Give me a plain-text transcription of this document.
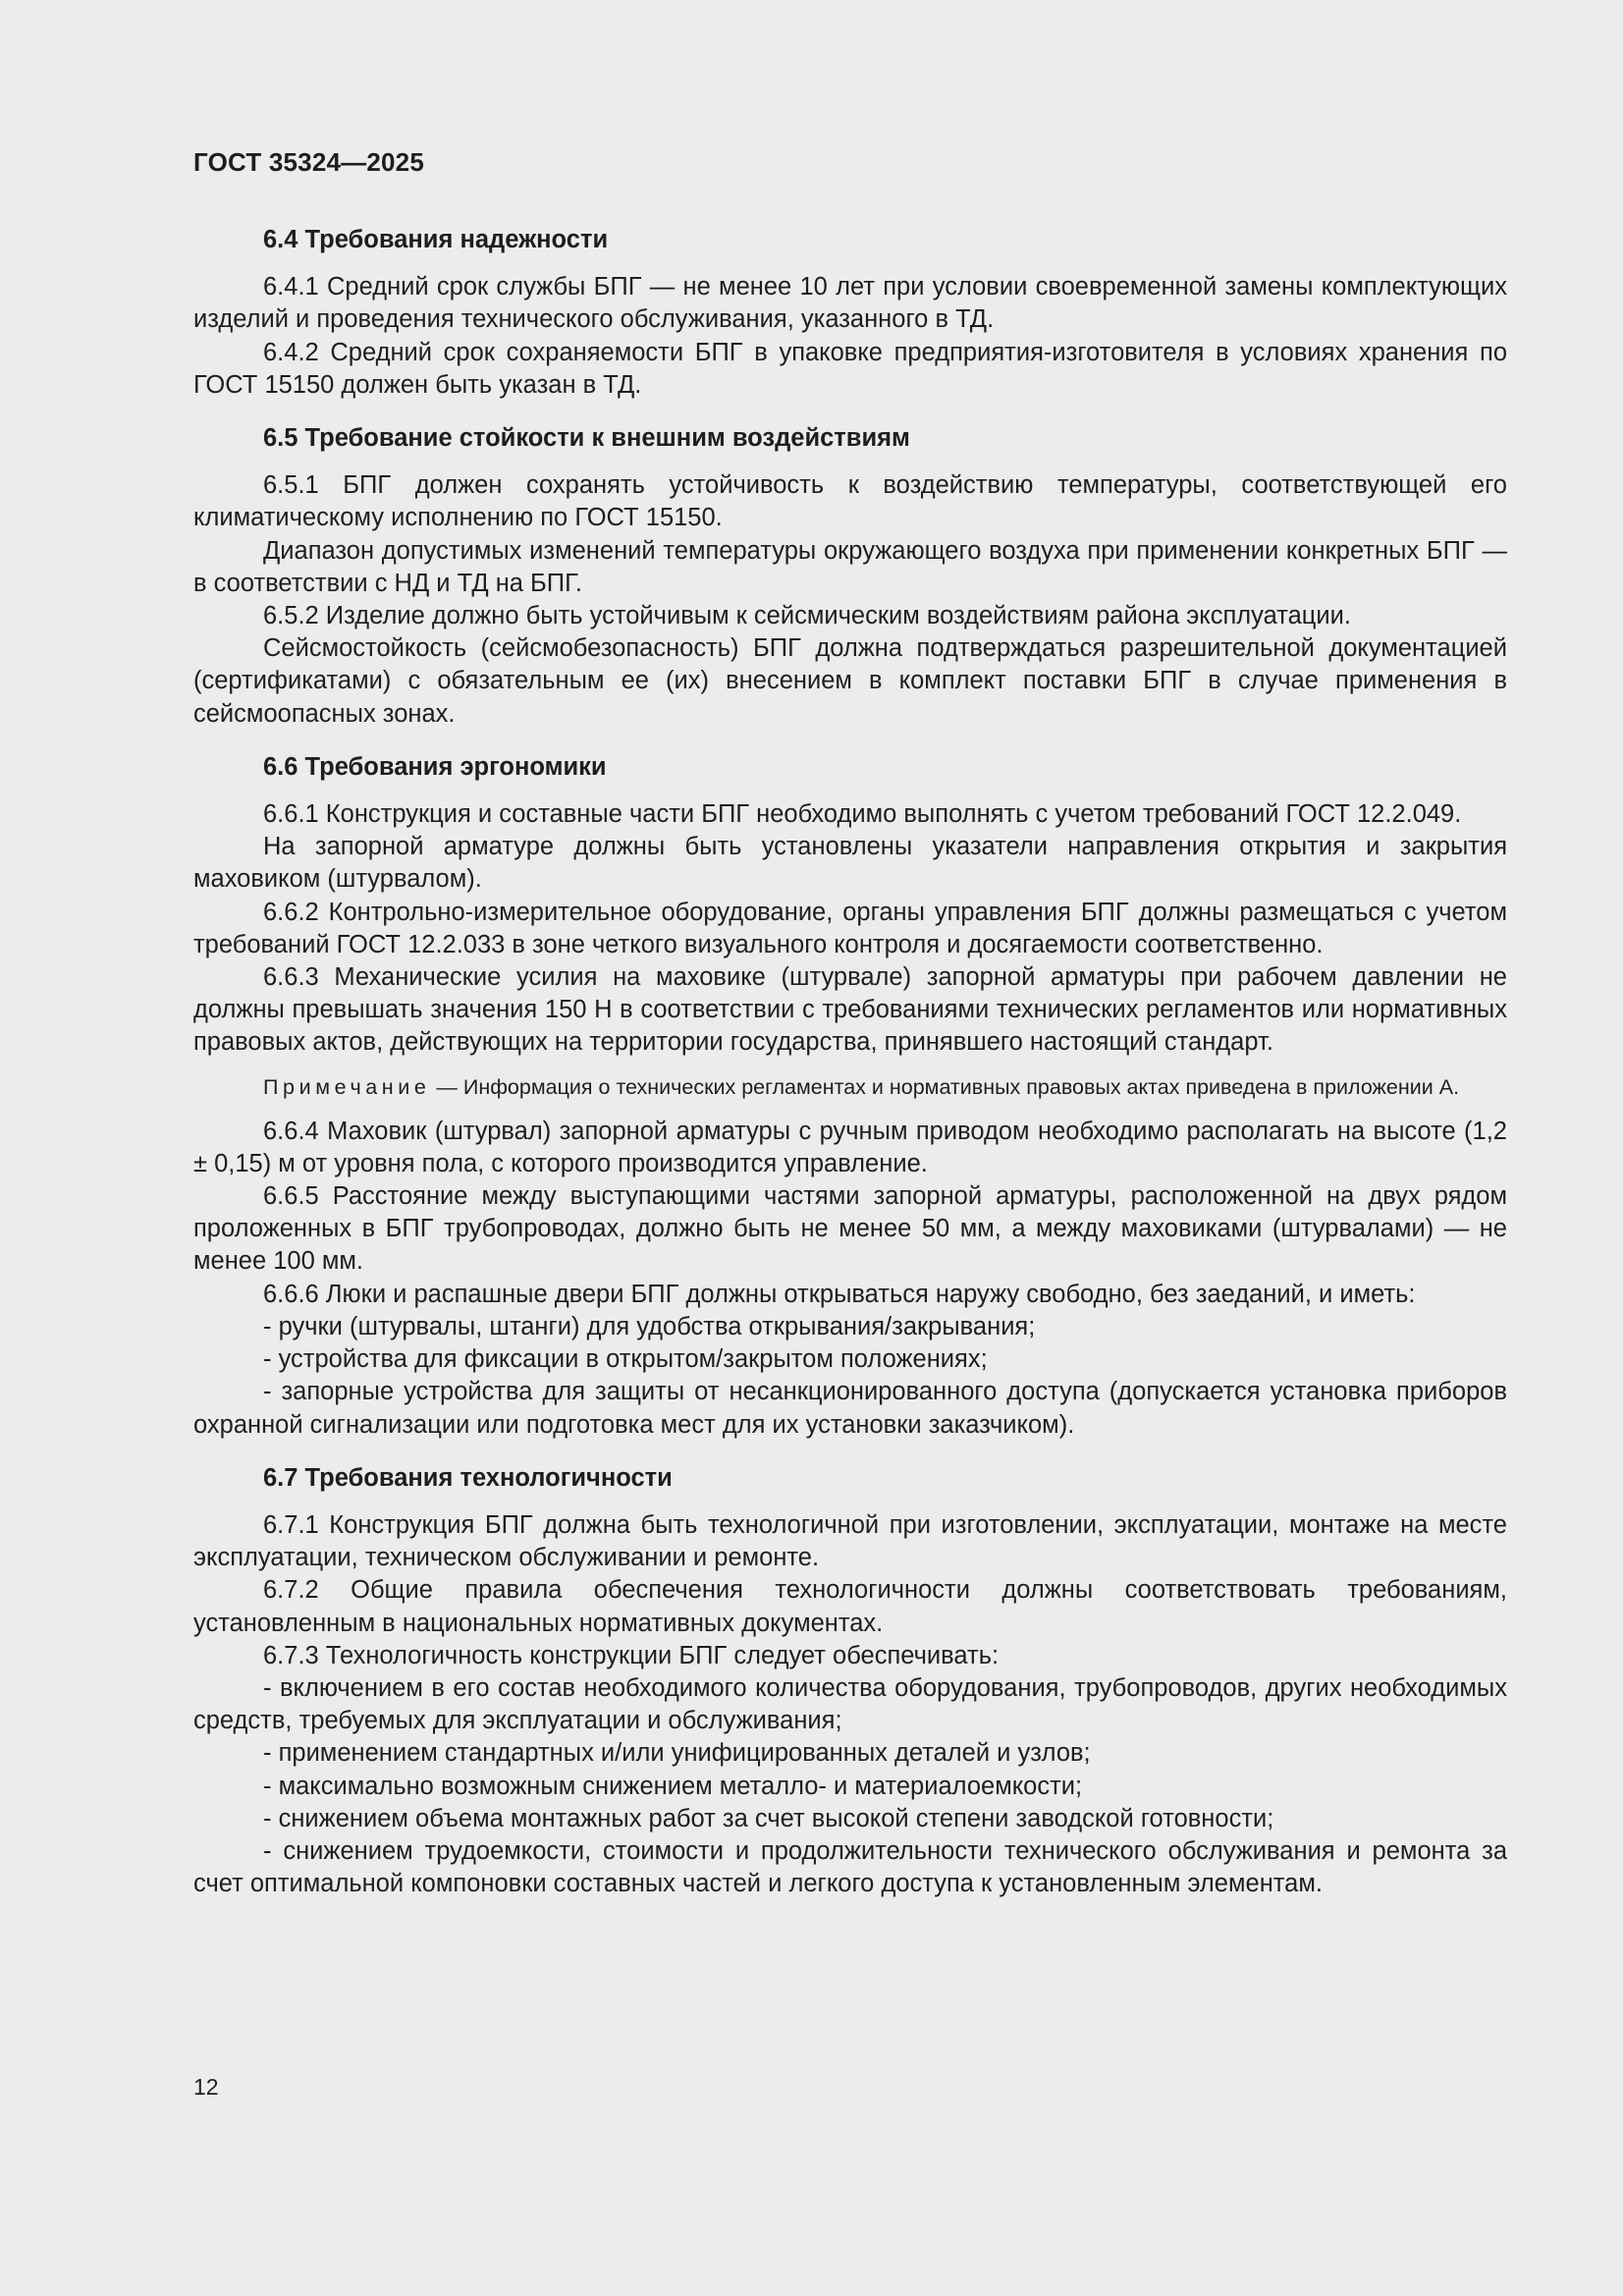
ГОСТ 35324—2025
6.4 Требования надежности

6.4.1 Средний срок службы БПГ — не менее 10 лет при условии своевременной замены комплектующих изделий и проведения технического обслуживания, указанного в ТД.

6.4.2 Средний срок сохраняемости БПГ в упаковке предприятия-изготовителя в условиях хранения по ГОСТ 15150 должен быть указан в ТД.

6.5 Требование стойкости к внешним воздействиям

6.5.1 БПГ должен сохранять устойчивость к воздействию температуры, соответствующей его климатическому исполнению по ГОСТ 15150.

Диапазон допустимых изменений температуры окружающего воздуха при применении конкретных БПГ — в соответствии с НД и ТД на БПГ.

6.5.2 Изделие должно быть устойчивым к сейсмическим воздействиям района эксплуатации.

Сейсмостойкость (сейсмобезопасность) БПГ должна подтверждаться разрешительной документацией (сертификатами) с обязательным ее (их) внесением в комплект поставки БПГ в случае применения в сейсмоопасных зонах.

6.6 Требования эргономики

6.6.1 Конструкция и составные части БПГ необходимо выполнять с учетом требований ГОСТ 12.2.049.

На запорной арматуре должны быть установлены указатели направления открытия и закрытия маховиком (штурвалом).

6.6.2 Контрольно-измерительное оборудование, органы управления БПГ должны размещаться с учетом требований ГОСТ 12.2.033 в зоне четкого визуального контроля и досягаемости соответственно.

6.6.3 Механические усилия на маховике (штурвале) запорной арматуры при рабочем давлении не должны превышать значения 150 Н в соответствии с требованиями технических регламентов или нормативных правовых актов, действующих на территории государства, принявшего настоящий стандарт.

Примечание — Информация о технических регламентах и нормативных правовых актах приведена в приложении А.

6.6.4 Маховик (штурвал) запорной арматуры с ручным приводом необходимо располагать на высоте (1,2 ± 0,15) м от уровня пола, с которого производится управление.

6.6.5 Расстояние между выступающими частями запорной арматуры, расположенной на двух рядом проложенных в БПГ трубопроводах, должно быть не менее 50 мм, а между маховиками (штурвалами) — не менее 100 мм.

6.6.6 Люки и распашные двери БПГ должны открываться наружу свободно, без заеданий, и иметь:

- ручки (штурвалы, штанги) для удобства открывания/закрывания;

- устройства для фиксации в открытом/закрытом положениях;

- запорные устройства для защиты от несанкционированного доступа (допускается установка приборов охранной сигнализации или подготовка мест для их установки заказчиком).

6.7 Требования технологичности

6.7.1 Конструкция БПГ должна быть технологичной при изготовлении, эксплуатации, монтаже на месте эксплуатации, техническом обслуживании и ремонте.

6.7.2 Общие правила обеспечения технологичности должны соответствовать требованиям, установленным в национальных нормативных документах.

6.7.3 Технологичность конструкции БПГ следует обеспечивать:

- включением в его состав необходимого количества оборудования, трубопроводов, других необходимых средств, требуемых для эксплуатации и обслуживания;

- применением стандартных и/или унифицированных деталей и узлов;

- максимально возможным снижением металло- и материалоемкости;

- снижением объема монтажных работ за счет высокой степени заводской готовности;

- снижением трудоемкости, стоимости и продолжительности технического обслуживания и ремонта за счет оптимальной компоновки составных частей и легкого доступа к установленным элементам.

12
